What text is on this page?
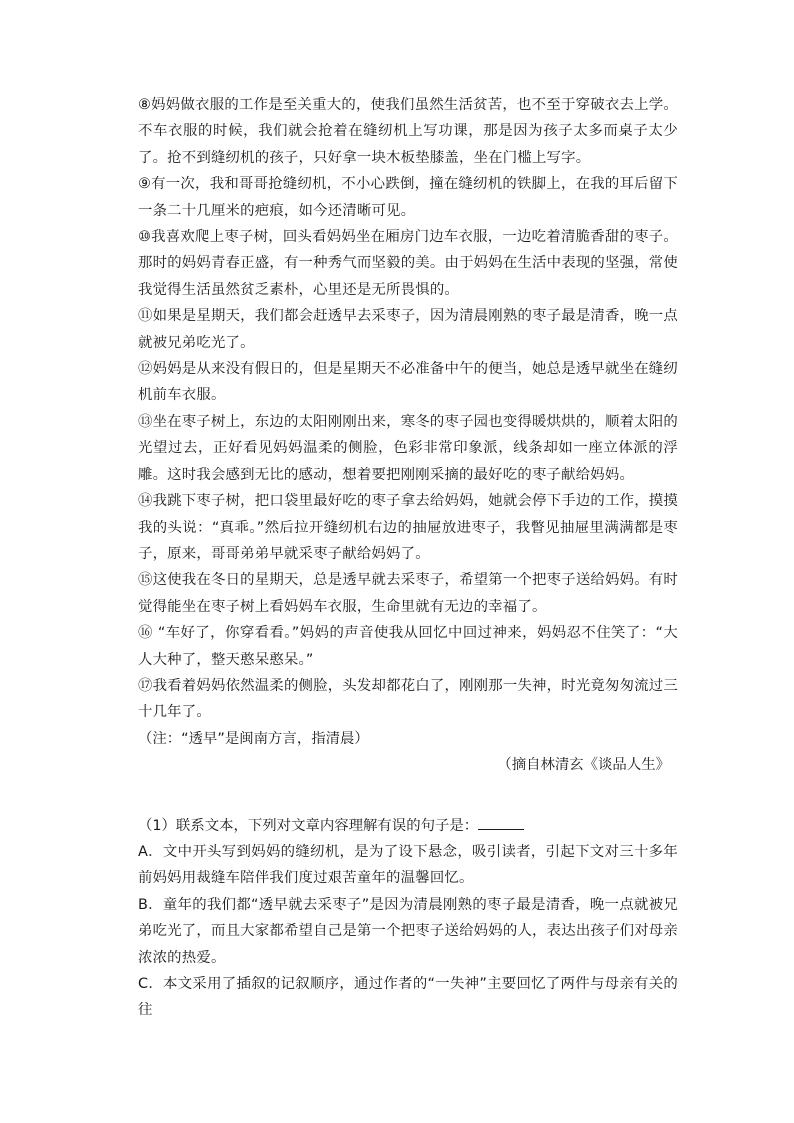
⑧妈妈做衣服的工作是至关重大的，使我们虽然生活贫苦，也不至于穿破衣去上学。不车衣服的时候，我们就会抢着在缝纫机上写功课，那是因为孩子太多而桌子太少了。抢不到缝纫机的孩子，只好拿一块木板垫膝盖，坐在门槛上写字。

⑨有一次，我和哥哥抢缝纫机，不小心跌倒，撞在缝纫机的铁脚上，在我的耳后留下一条二十几厘米的疤痕，如今还清晰可见。

⑩我喜欢爬上枣子树，回头看妈妈坐在厢房门边车衣服，一边吃着清脆香甜的枣子。那时的妈妈青春正盛，有一种秀气而坚毅的美。由于妈妈在生活中表现的坚强，常使我觉得生活虽然贫乏素朴，心里还是无所畏惧的。

⑪如果是星期天，我们都会赶透早去采枣子，因为清晨刚熟的枣子最是清香，晚一点就被兄弟吃光了。

⑫妈妈是从来没有假日的，但是星期天不必准备中午的便当，她总是透早就坐在缝纫机前车衣服。

⑬坐在枣子树上，东边的太阳刚刚出来，寒冬的枣子园也变得暖烘烘的，顺着太阳的光望过去，正好看见妈妈温柔的侧脸，色彩非常印象派，线条却如一座立体派的浮雕。这时我会感到无比的感动，想着要把刚刚采摘的最好吃的枣子献给妈妈。

⑭我跳下枣子树，把口袋里最好吃的枣子拿去给妈妈，她就会停下手边的工作，摸摸我的头说：“真乖。”然后拉开缝纫机右边的抽屉放进枣子，我瞥见抽屉里满满都是枣子，原来，哥哥弟弟早就采枣子献给妈妈了。

⑮这使我在冬日的星期天，总是透早就去采枣子，希望第一个把枣子送给妈妈。有时觉得能坐在枣子树上看妈妈车衣服，生命里就有无边的幸福了。

⑯ “车好了，你穿看看。”妈妈的声音使我从回忆中回过神来，妈妈忍不住笑了：“大人大种了，整天憨呆憨呆。”

⑰我看着妈妈依然温柔的侧脸，头发却都花白了，刚刚那一失神，时光竟匆匆流过三十几年了。

（注：“透早”是闽南方言，指清晨）

（摘自林清玄《谈品人生》

（1）联系文本，下列对文章内容理解有误的句子是：

A．文中开头写到妈妈的缝纫机，是为了设下悬念，吸引读者，引起下文对三十多年前妈妈用裁缝车陪伴我们度过艰苦童年的温馨回忆。

B．童年的我们都“透早就去采枣子”是因为清晨刚熟的枣子最是清香，晚一点就被兄弟吃光了，而且大家都希望自己是第一个把枣子送给妈妈的人，表达出孩子们对母亲浓浓的热爱。

C．本文采用了插叙的记叙顺序，通过作者的“一失神”主要回忆了两件与母亲有关的往
